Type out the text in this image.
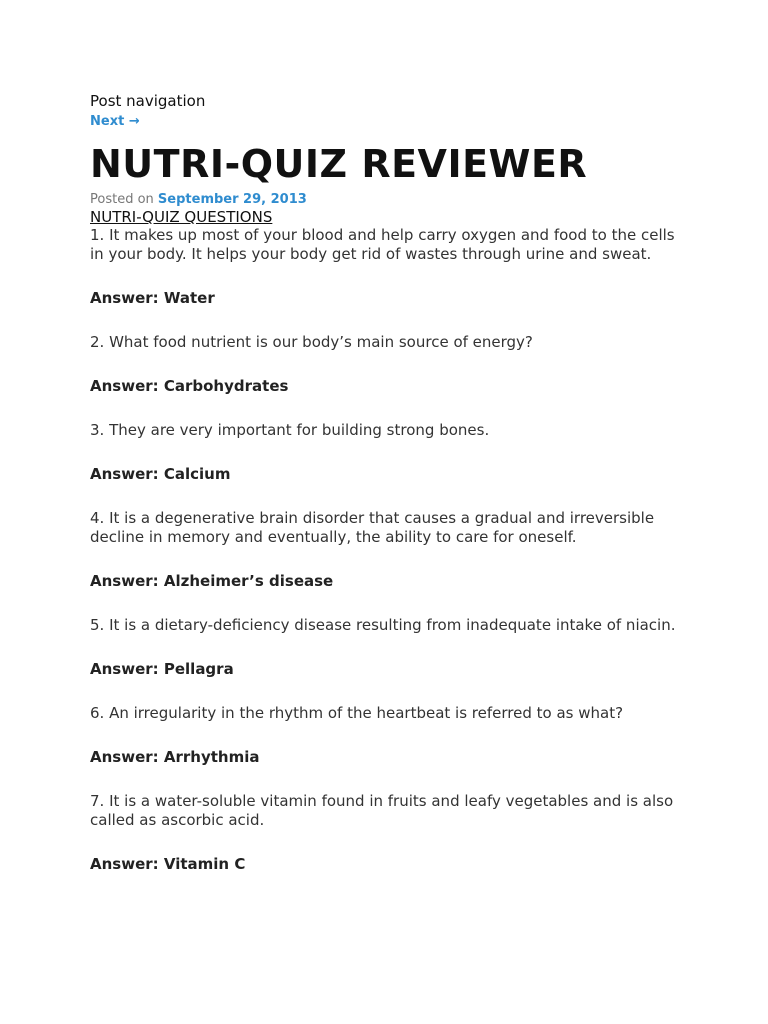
Post navigation
Next →
NUTRI-QUIZ REVIEWER
Posted on September 29, 2013
NUTRI-QUIZ QUESTIONS

1. It makes up most of your blood and help carry oxygen and food to the cells in your body. It helps your body get rid of wastes through urine and sweat.

Answer: Water

2. What food nutrient is our body’s main source of energy?

Answer: Carbohydrates

3. They are very important for building strong bones.

Answer: Calcium

4. It is a degenerative brain disorder that causes a gradual and irreversible decline in memory and eventually, the ability to care for oneself.

Answer: Alzheimer’s disease

5. It is a dietary-deficiency disease resulting from inadequate intake of niacin.

Answer: Pellagra

6. An irregularity in the rhythm of the heartbeat is referred to as what?

Answer: Arrhythmia

7. It is a water-soluble vitamin found in fruits and leafy vegetables and is also called as ascorbic acid.

Answer: Vitamin C
